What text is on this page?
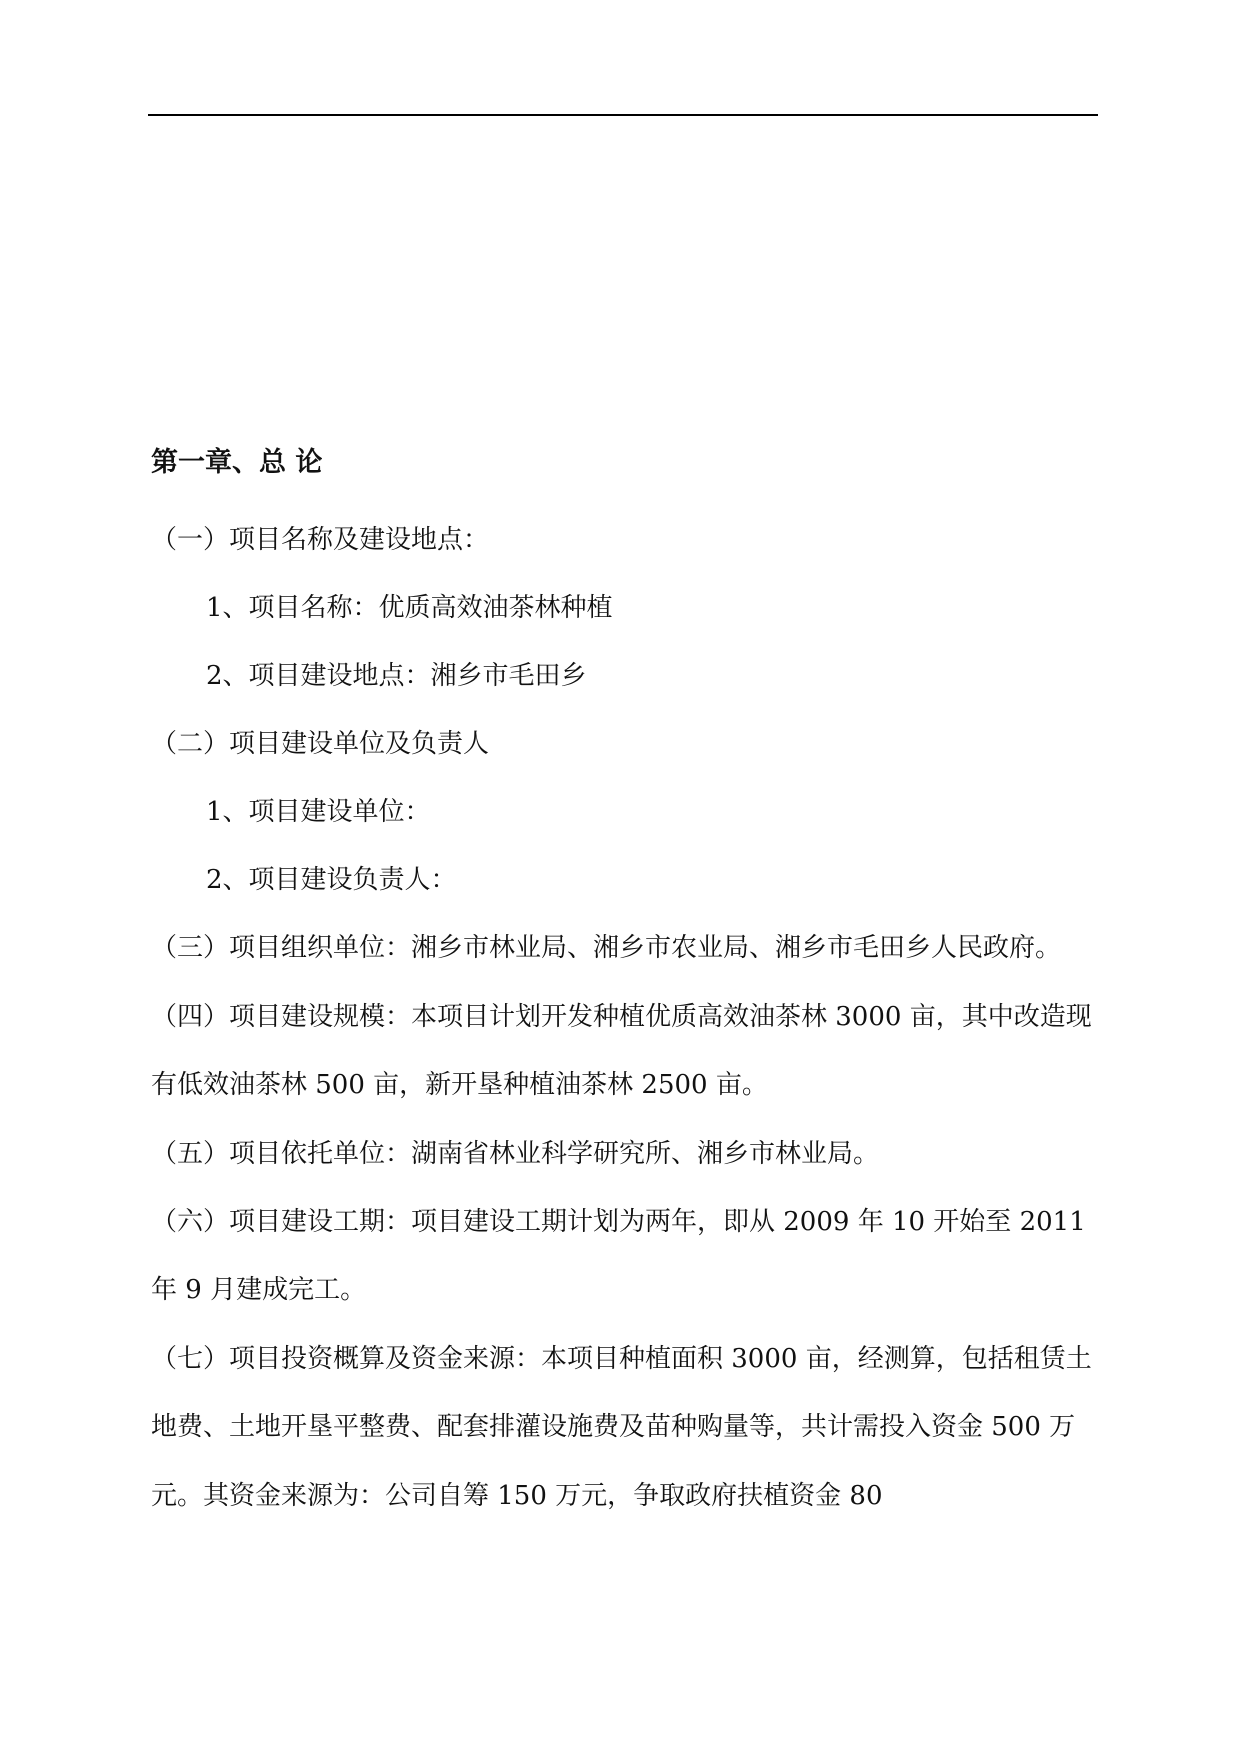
第一章、总 论
（一）项目名称及建设地点：
1、项目名称：优质高效油茶林种植
2、项目建设地点：湘乡市毛田乡
（二）项目建设单位及负责人
1、项目建设单位：
2、项目建设负责人：

（三）项目组织单位：湘乡市林业局、湘乡市农业局、湘乡市毛田乡人民政府。

（四）项目建设规模：本项目计划开发种植优质高效油茶林 3000 亩，其中改造现有低效油茶林 500 亩，新开垦种植油茶林 2500 亩。

（五）项目依托单位：湖南省林业科学研究所、湘乡市林业局。

（六）项目建设工期：项目建设工期计划为两年，即从 2009 年 10 开始至 2011 年 9 月建成完工。

（七）项目投资概算及资金来源：本项目种植面积 3000 亩，经测算，包括租赁土地费、土地开垦平整费、配套排灌设施费及苗种购量等，共计需投入资金 500 万元。其资金来源为：公司自筹 150 万元，争取政府扶植资金 80
